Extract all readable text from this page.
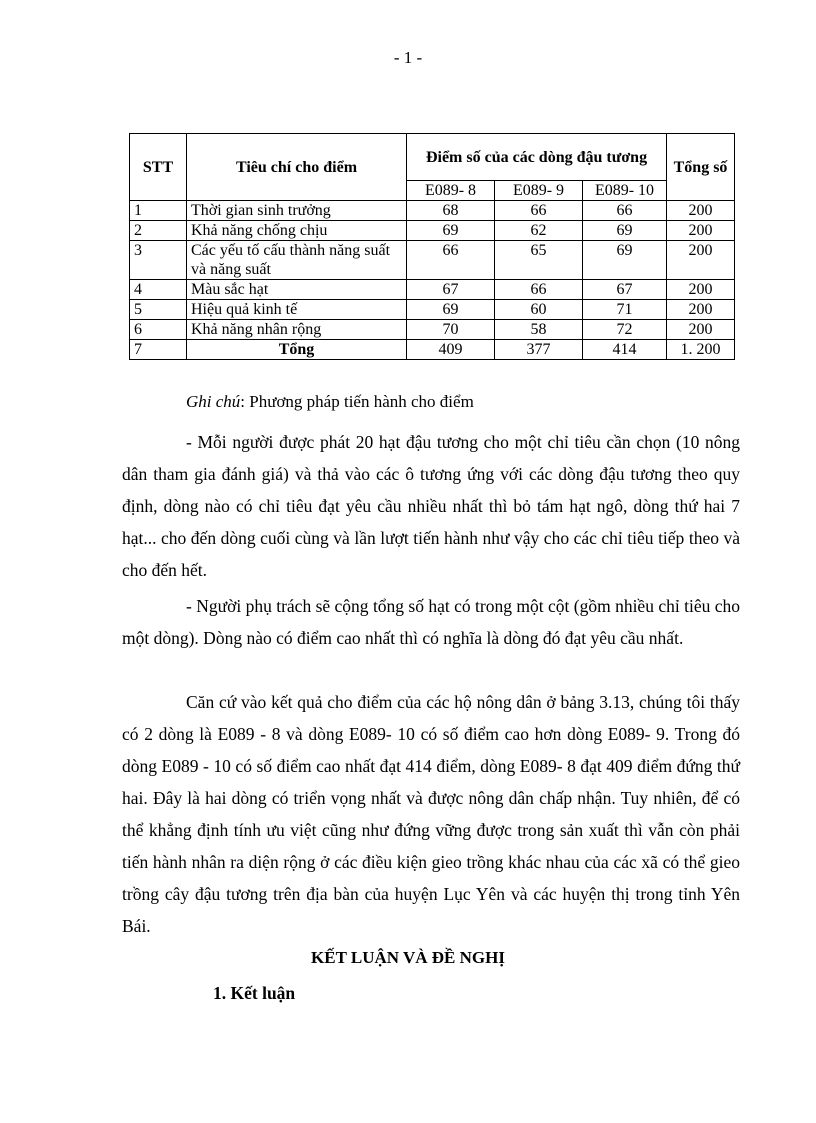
- 1 -
STT	Tiêu chí cho điểm	Điểm số của các dòng đậu tương			Tổng số
		E089- 8	E089- 9	E089- 10	
1	Thời gian sinh trưởng	68	66	66	200
2	Khả năng chống chịu	69	62	69	200
3	Các yếu tố cấu thành năng suất và năng suất	66	65	69	200
4	Màu sắc hạt	67	66	67	200
5	Hiệu quả kinh tế	69	60	71	200
6	Khả năng nhân rộng	70	58	72	200
7	Tổng	409	377	414	1. 200
Ghi chú: Phương pháp tiến hành cho điểm

- Mỗi người được phát 20 hạt đậu tương cho một chỉ tiêu cần chọn (10 nông dân tham gia đánh giá) và thả vào các ô tương ứng với các dòng đậu tương theo quy định, dòng nào có chỉ tiêu đạt yêu cầu nhiều nhất thì bỏ tám hạt ngô, dòng thứ hai 7 hạt... cho đến dòng cuối cùng và lần lượt tiến hành như vậy cho các chỉ tiêu tiếp theo và cho đến hết.

- Người phụ trách sẽ cộng tổng số hạt có trong một cột (gồm nhiều chỉ tiêu cho một dòng). Dòng nào có điểm cao nhất thì có nghĩa là dòng đó đạt yêu cầu nhất.

Căn cứ vào kết quả cho điểm của các hộ nông dân ở bảng 3.13, chúng tôi thấy có 2 dòng là E089 - 8 và dòng E089- 10 có số điểm cao hơn dòng E089- 9. Trong đó dòng E089 - 10 có số điểm cao nhất đạt 414 điểm, dòng E089- 8 đạt 409 điểm đứng thứ hai. Đây là hai dòng có triển vọng nhất và được nông dân chấp nhận. Tuy nhiên, để có thể khẳng định tính ưu việt cũng như đứng vững được trong sản xuất thì vẫn còn phải tiến hành nhân ra diện rộng ở các điều kiện gieo trồng khác nhau của các xã có thể gieo trồng cây đậu tương trên địa bàn của huyện Lục Yên và các huyện thị trong tỉnh Yên Bái.

KẾT LUẬN VÀ ĐỀ NGHỊ
1. Kết luận
